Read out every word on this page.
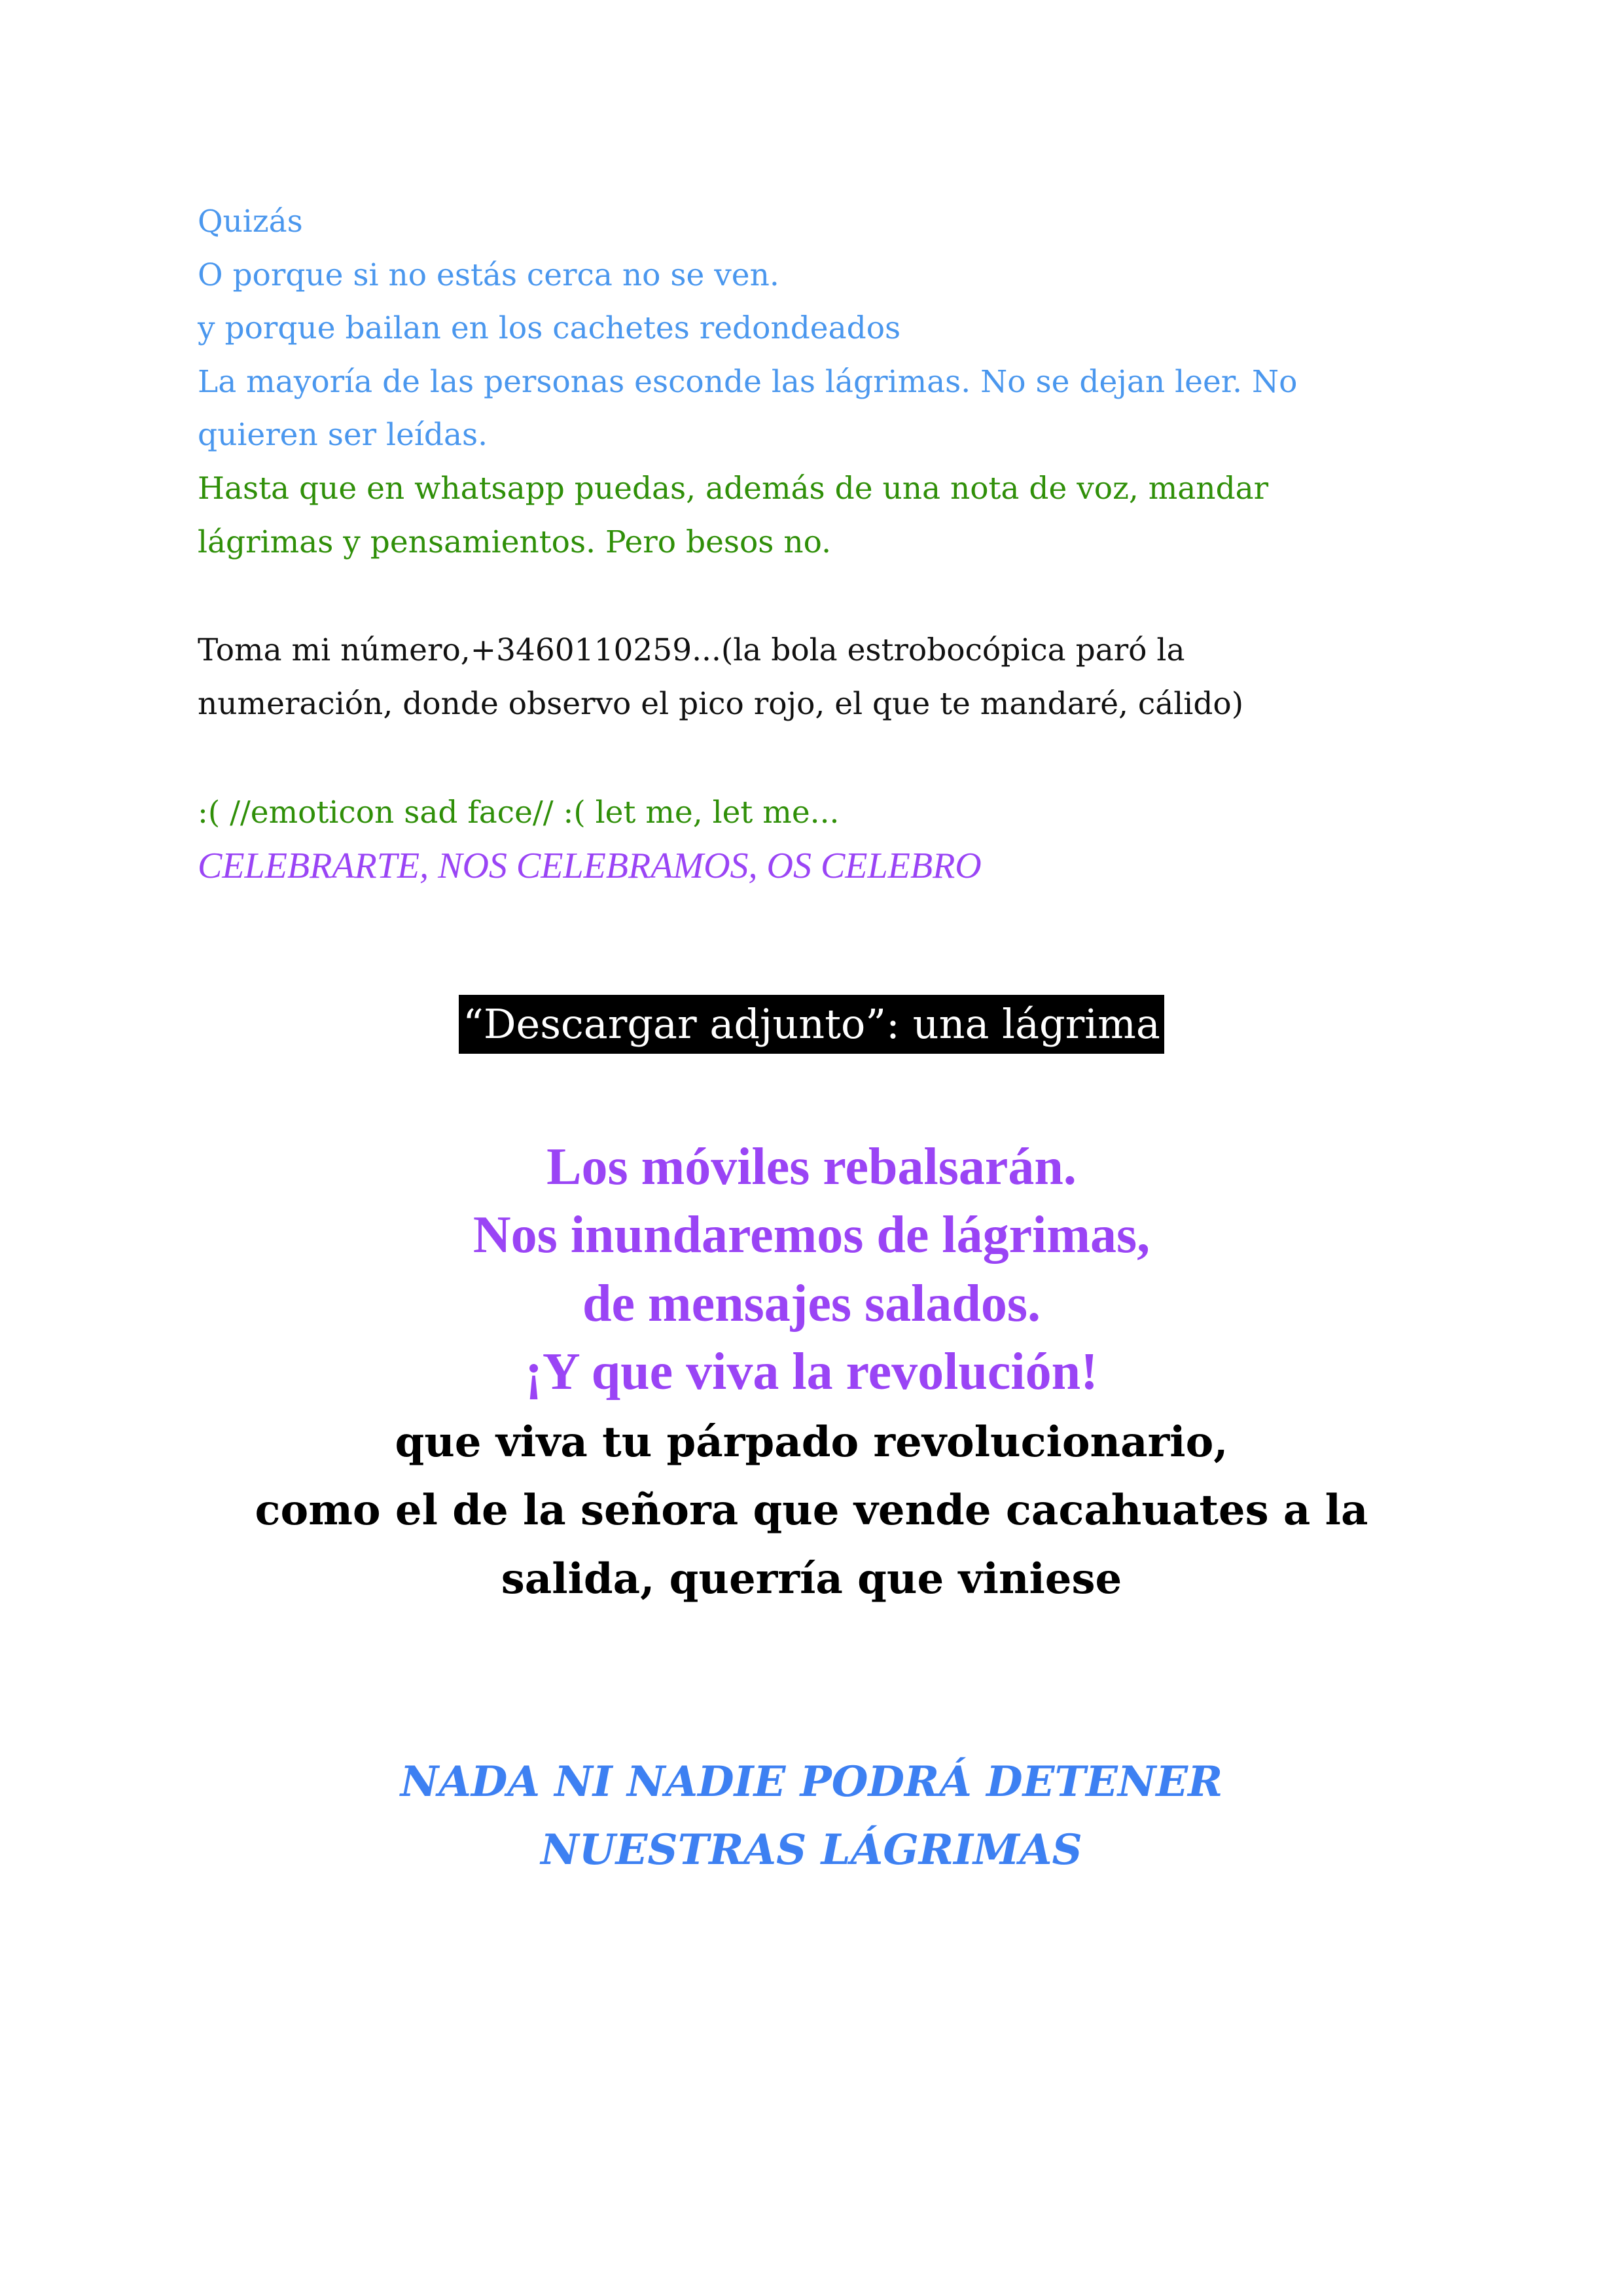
Quizás
O porque si no estás cerca no se ven.
y porque bailan en los cachetes redondeados
La mayoría de las personas esconde las lágrimas. No se dejan leer. No
quieren ser leídas.
Hasta que en whatsapp puedas, además de una nota de voz, mandar
lágrimas y pensamientos. Pero besos no.
Toma mi número,+3460110259...(la bola estrobocópica paró la
numeración, donde observo el pico rojo, el que te mandaré, cálido)
:( //emoticon sad face// :( let me, let me...
CELEBRARTE, NOS CELEBRAMOS, OS CELEBRO
“Descargar adjunto”: una lágrima
Los móviles rebalsarán.
Nos inundaremos de lágrimas,
de mensajes salados.
¡Y que viva la revolución!
que viva tu párpado revolucionario,
como el de la señora que vende cacahuates a la
salida, querría que viniese
NADA NI NADIE PODRÁ DETENER
NUESTRAS LÁGRIMAS
